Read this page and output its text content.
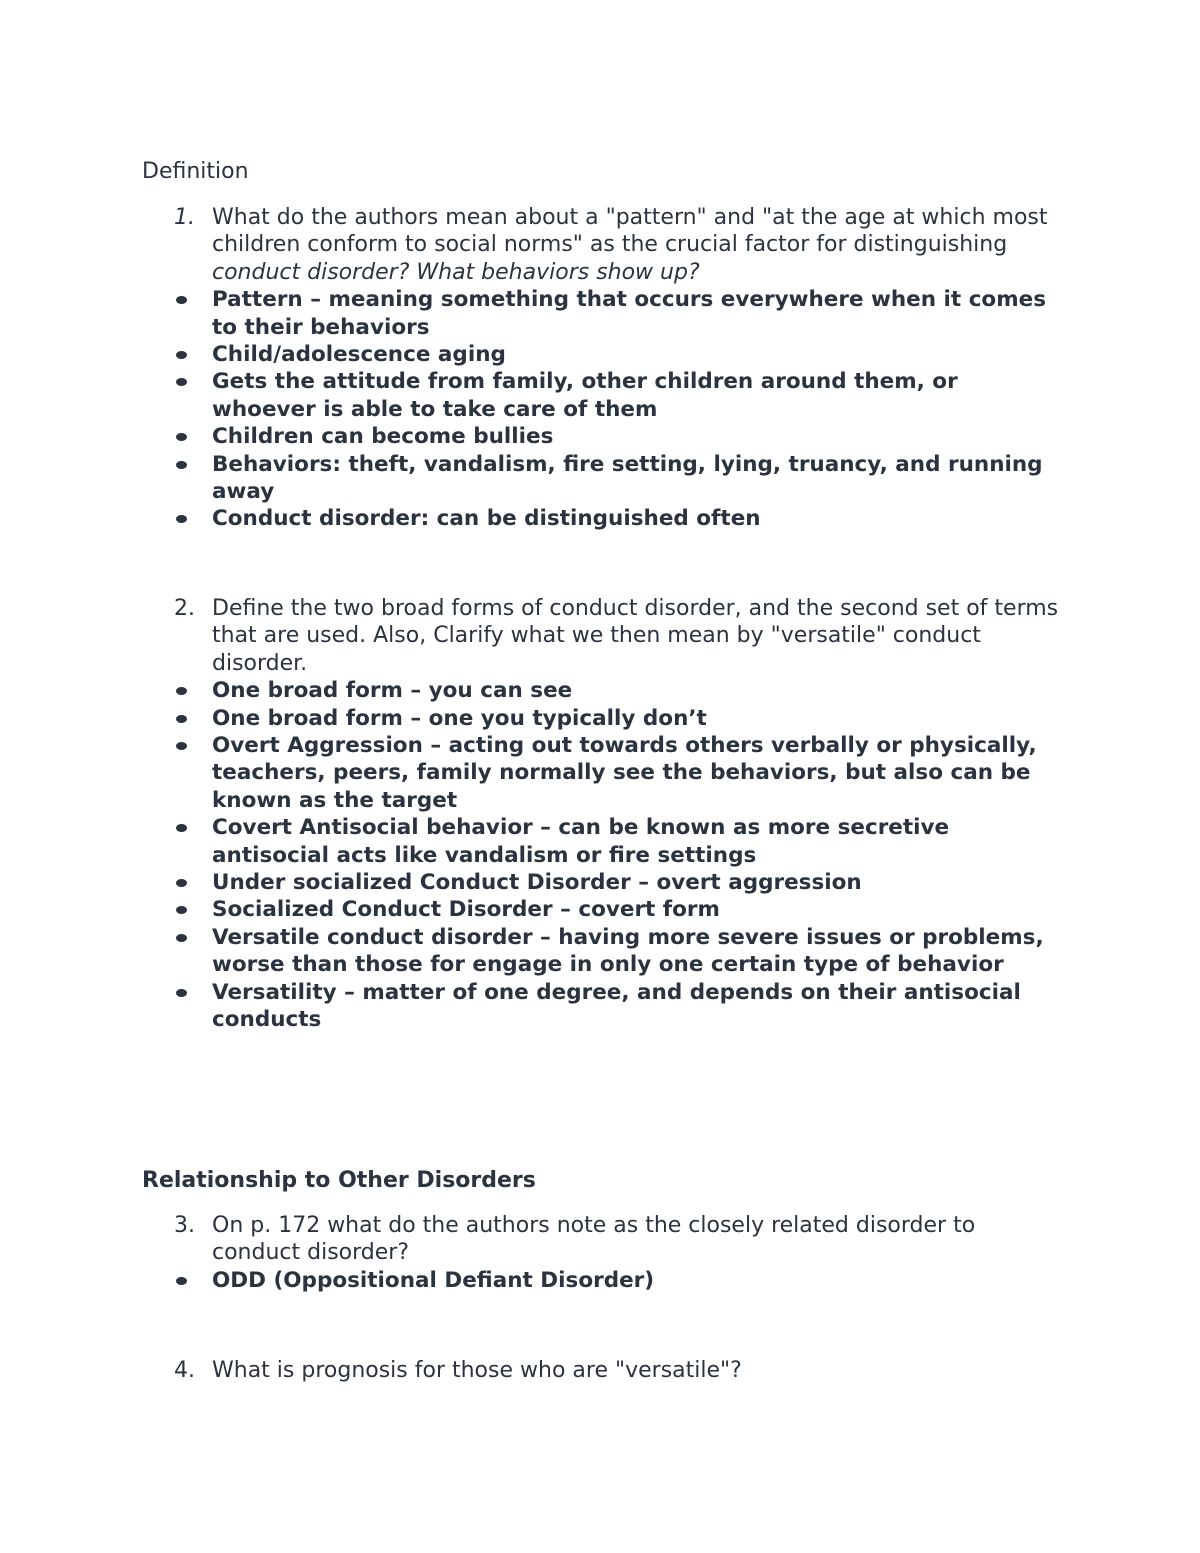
Definition

1. What do the authors mean about a "pattern" and "at the age at which most children conform to social norms" as the crucial factor for distinguishing conduct disorder? What behaviors show up?

Pattern – meaning something that occurs everywhere when it comes to their behaviors
Child/adolescence aging
Gets the attitude from family, other children around them, or whoever is able to take care of them
Children can become bullies
Behaviors: theft, vandalism, fire setting, lying, truancy, and running away
Conduct disorder: can be distinguished often

2. Define the two broad forms of conduct disorder, and the second set of terms that are used. Also, Clarify what we then mean by "versatile" conduct disorder.

One broad form – you can see
One broad form – one you typically don’t
Overt Aggression – acting out towards others verbally or physically, teachers, peers, family normally see the behaviors, but also can be known as the target
Covert Antisocial behavior – can be known as more secretive antisocial acts like vandalism or fire settings
Under socialized Conduct Disorder – overt aggression
Socialized Conduct Disorder – covert form
Versatile conduct disorder – having more severe issues or problems, worse than those for engage in only one certain type of behavior
Versatility – matter of one degree, and depends on their antisocial conducts
Relationship to Other Disorders

3. On p. 172 what do the authors note as the closely related disorder to conduct disorder?

ODD (Oppositional Defiant Disorder)

4. What is prognosis for those who are "versatile"?
